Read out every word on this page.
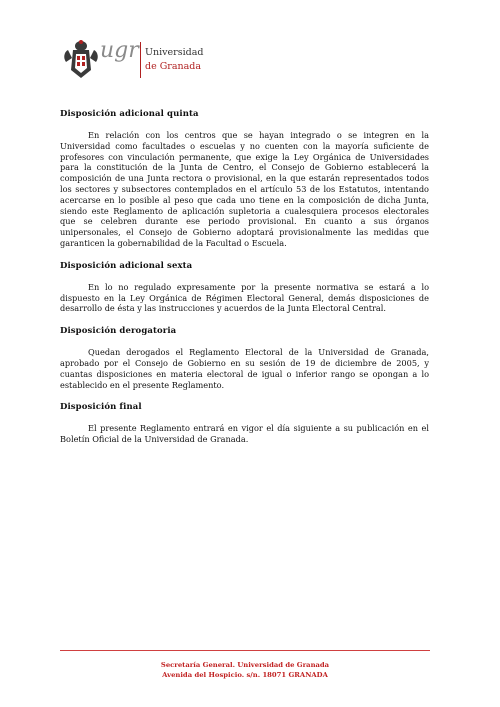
ugr Universidad
de Granada
Disposición adicional quinta

En relación con los centros que se hayan integrado o se integren en la Universidad como facultades o escuelas y no cuenten con la mayoría suficiente de profesores con vinculación permanente, que exige la Ley Orgánica de Universidades para la constitución de la Junta de Centro, el Consejo de Gobierno establecerá la composición de una Junta rectora o provisional, en la que estarán representados todos los sectores y subsectores contemplados en el artículo 53 de los Estatutos, intentando acercarse en lo posible al peso que cada uno tiene en la composición de dicha Junta, siendo este Reglamento de aplicación supletoria a cualesquiera procesos electorales que se celebren durante ese periodo provisional. En cuanto a sus órganos unipersonales, el Consejo de Gobierno adoptará provisionalmente las medidas que garanticen la gobernabilidad de la Facultad o Escuela.

Disposición adicional sexta

En lo no regulado expresamente por la presente normativa se estará a lo dispuesto en la Ley Orgánica de Régimen Electoral General, demás disposiciones de desarrollo de ésta y las instrucciones y acuerdos de la Junta Electoral Central.

Disposición derogatoria

Quedan derogados el Reglamento Electoral de la Universidad de Granada, aprobado por el Consejo de Gobierno en su sesión de 19 de diciembre de 2005, y cuantas disposiciones en materia electoral de igual o inferior rango se opongan a lo establecido en el presente Reglamento.

Disposición final

El presente Reglamento entrará en vigor el día siguiente a su publicación en el Boletín Oficial de la Universidad de Granada.

Secretaría General. Universidad de Granada
Avenida del Hospicio. s/n. 18071 GRANADA
